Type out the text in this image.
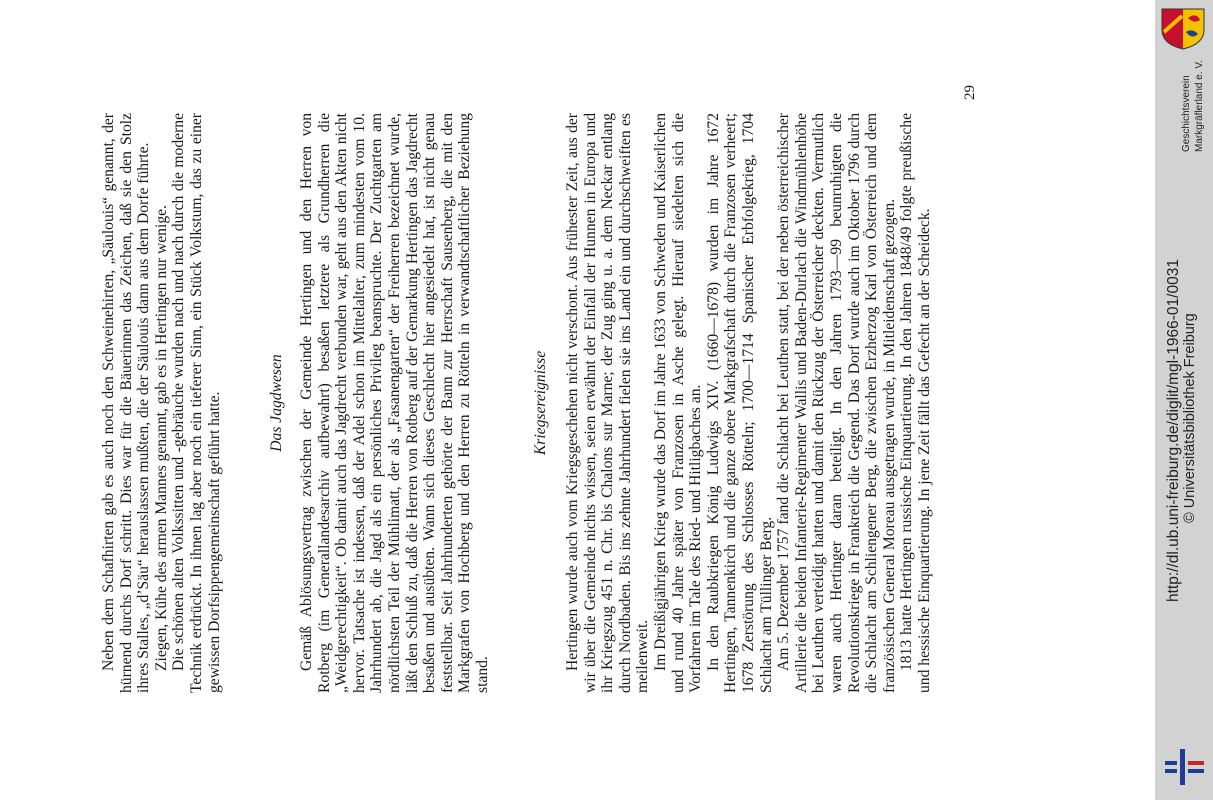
Neben dem Schafhirten gab es auch noch den Schweinehirten, „Säulouis“ genannt, der hürnend durchs Dorf schritt. Dies war für die Bäuerinnen das Zeichen, daß sie den Stolz ihres Stalles, „d’Säu“ herauslassen mußten, die der Säulouis dann aus dem Dorfe führte. Ziegen, Kühe des armen Mannes genannt, gab es in Hertingen nur wenige. Die schönen alten Volkssitten und -gebräuche wurden nach und nach durch die moderne Technik erdrückt. In ihnen lag aber noch ein tieferer Sinn, ein Stück Volkstum, das zu einer gewissen Dorfsippengemeinschaft geführt hatte.	Das Jagdwesen Gemäß Ablösungsvertrag zwischen der Gemeinde Hertingen und den Herren von Rotberg (im Generallandesarchiv aufbewahrt) besaßen letztere als Grundherren die „Weidgerechtigkeit“. Ob damit auch das Jagdrecht verbunden war, geht aus den Akten nicht hervor. Tatsache ist indessen, daß der Adel schon im Mittelalter, zum mindesten vom 10. Jahrhundert ab, die Jagd als ein persönliches Privileg beanspruchte. Der Zuchtgarten am nördlichsten Teil der Mühlimatt, der als „Fasanengarten“ der Freiherren bezeichnet wurde, läßt den Schluß zu, daß die Herren von Rotberg auf der Gemarkung Hertingen das Jagdrecht besaßen und ausübten. Wann sich dieses Geschlecht hier angesiedelt hat, ist nicht genau feststellbar. Seit Jahrhunderten gehörte der Bann zur Herrschaft Sausenberg, die mit den Markgrafen von Hochberg und den Herren zu Rötteln in verwandtschaftlicher Beziehung stand.

Kriegsereignisse Hertingen wurde auch vom Kriegsgeschehen nicht verschont. Aus frühester Zeit, aus der wir über die Gemeinde nichts wissen, seien erwähnt der Einfall der Hunnen in Europa und ihr Kriegszug 451 n. Chr. bis Chalons sur Marne; der Zug ging u. a. dem Neckar entlang durch Nordbaden. Bis ins zehnte Jahrhundert fielen sie ins Land ein und durchschweiften es meilenweit. Im Dreißigjährigen Krieg wurde das Dorf im Jahre 1633 von Schweden und Kaiserlichen und rund 40 Jahre später von Franzosen in Asche gelegt. Hierauf siedelten sich die Vorfahren im Tale des Ried- und Hitligbaches an. In den Raubkriegen König Ludwigs XIV. (1660—1678) wurden im Jahre 1672 Hertingen, Tannenkirch und die ganze obere Markgrafschaft durch die Franzosen verheert; 1678 Zerstörung des Schlosses Rötteln; 1700—1714 Spanischer Erbfolgekrieg, 1704 Schlacht am Tüllinger Berg. Am 5. Dezember 1757 fand die Schlacht bei Leuthen statt, bei der neben österreichischer Artillerie die beiden Infanterie-Regimenter Wallis und Baden-Durlach die Windmühlenhöhe bei Leuthen verteidigt hatten und damit den Rückzug der Österreicher deckten. Vermutlich waren auch Hertinger daran beteiligt. In den Jahren 1793—99 beunruhigten die Revolutionskriege in Frankreich die Gegend. Das Dorf wurde auch im Oktober 1796 durch die Schlacht am Schliengener Berg, die zwischen Erzherzog Karl von Österreich und dem französischen General Moreau ausgetragen wurde, in Mitleidenschaft gezogen. 1813 hatte Hertingen russische Einquartierung. In den Jahren 1848/49 folgte preußische und hessische Einquartierung. In jene Zeit fällt das Gefecht an der Scheideck.

29
http://dl.ub.uni-freiburg.de/diglit/mgl-1966-01/0031 © Universitätsbibliothek Freiburg
Geschichtsverein Markgräflerland e. V.
